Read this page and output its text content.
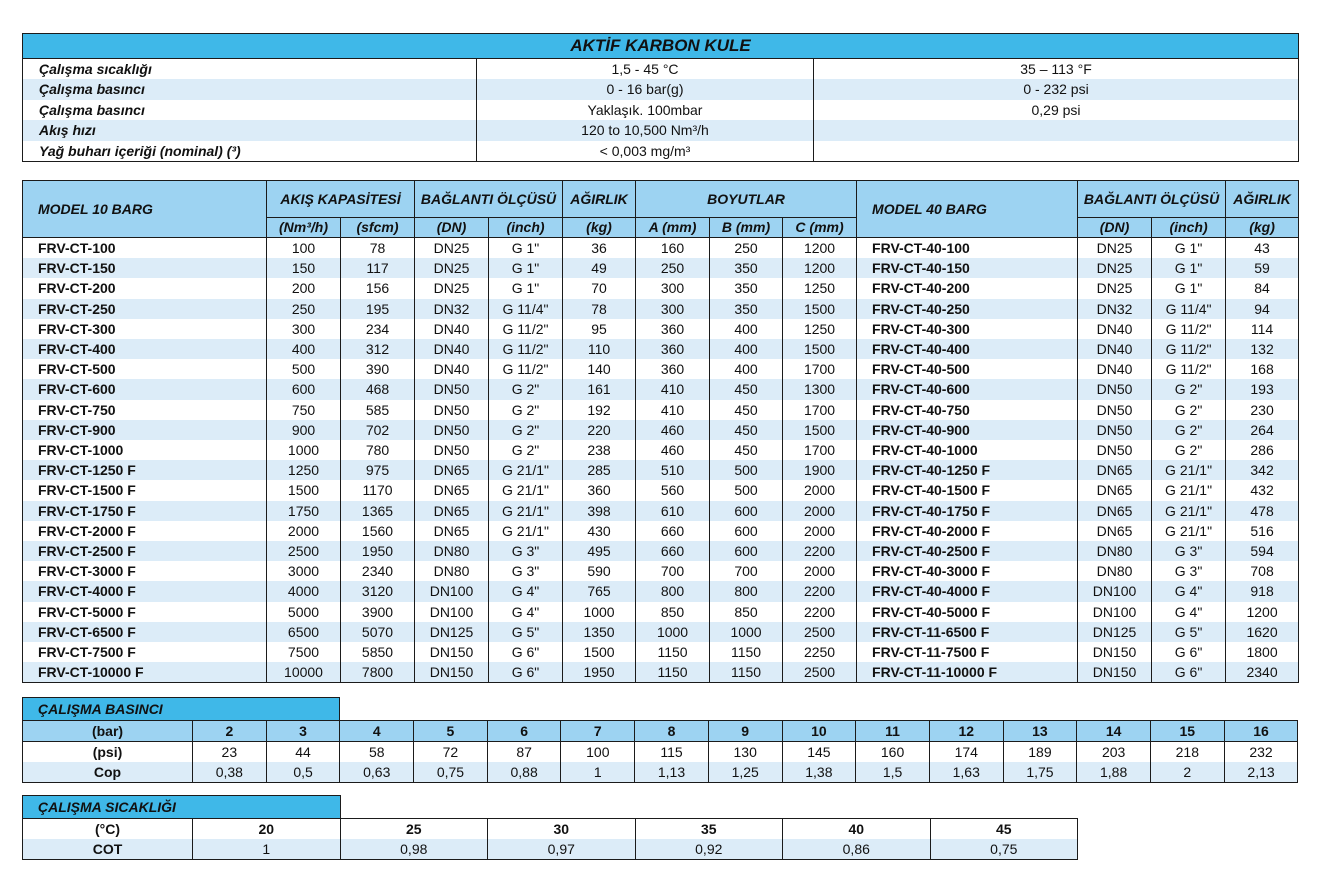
AKTİF KARBON KULE		
Çalışma sıcaklığı	1,5 - 45 °C	35 – 113 °F
Çalışma basıncı	0 - 16 bar(g)	0 - 232 psi
Çalışma basıncı	Yaklaşık. 100mbar	0,29 psi
Akış hızı	120 to 10,500 Nm³/h	
Yağ buharı içeriği (nominal) (³)	< 0,003 mg/m³	
MODEL 10 BARG	AKIŞ KAPASİTESİ		BAĞLANTI ÖLÇÜSÜ		AĞIRLIK	BOYUTLAR			MODEL 40 BARG	BAĞLANTI ÖLÇÜSÜ		AĞIRLIK
	(Nm³/h)	(sfcm)	(DN)	(inch)	(kg)	A (mm)	B (mm)	C (mm)		(DN)	(inch)	(kg)
FRV-CT-100	100	78	DN25	G 1"	36	160	250	1200	FRV-CT-40-100	DN25	G 1"	43
FRV-CT-150	150	117	DN25	G 1"	49	250	350	1200	FRV-CT-40-150	DN25	G 1"	59
FRV-CT-200	200	156	DN25	G 1"	70	300	350	1250	FRV-CT-40-200	DN25	G 1"	84
FRV-CT-250	250	195	DN32	G 11/4"	78	300	350	1500	FRV-CT-40-250	DN32	G 11/4"	94
FRV-CT-300	300	234	DN40	G 11/2"	95	360	400	1250	FRV-CT-40-300	DN40	G 11/2"	114
FRV-CT-400	400	312	DN40	G 11/2"	110	360	400	1500	FRV-CT-40-400	DN40	G 11/2"	132
FRV-CT-500	500	390	DN40	G 11/2"	140	360	400	1700	FRV-CT-40-500	DN40	G 11/2"	168
FRV-CT-600	600	468	DN50	G 2"	161	410	450	1300	FRV-CT-40-600	DN50	G 2"	193
FRV-CT-750	750	585	DN50	G 2"	192	410	450	1700	FRV-CT-40-750	DN50	G 2"	230
FRV-CT-900	900	702	DN50	G 2"	220	460	450	1500	FRV-CT-40-900	DN50	G 2"	264
FRV-CT-1000	1000	780	DN50	G 2"	238	460	450	1700	FRV-CT-40-1000	DN50	G 2"	286
FRV-CT-1250 F	1250	975	DN65	G 21/1"	285	510	500	1900	FRV-CT-40-1250 F	DN65	G 21/1"	342
FRV-CT-1500 F	1500	1170	DN65	G 21/1"	360	560	500	2000	FRV-CT-40-1500 F	DN65	G 21/1"	432
FRV-CT-1750 F	1750	1365	DN65	G 21/1"	398	610	600	2000	FRV-CT-40-1750 F	DN65	G 21/1"	478
FRV-CT-2000 F	2000	1560	DN65	G 21/1"	430	660	600	2000	FRV-CT-40-2000 F	DN65	G 21/1"	516
FRV-CT-2500 F	2500	1950	DN80	G 3"	495	660	600	2200	FRV-CT-40-2500 F	DN80	G 3"	594
FRV-CT-3000 F	3000	2340	DN80	G 3"	590	700	700	2000	FRV-CT-40-3000 F	DN80	G 3"	708
FRV-CT-4000 F	4000	3120	DN100	G 4"	765	800	800	2200	FRV-CT-40-4000 F	DN100	G 4"	918
FRV-CT-5000 F	5000	3900	DN100	G 4"	1000	850	850	2200	FRV-CT-40-5000 F	DN100	G 4"	1200
FRV-CT-6500 F	6500	5070	DN125	G 5"	1350	1000	1000	2500	FRV-CT-11-6500 F	DN125	G 5"	1620
FRV-CT-7500 F	7500	5850	DN150	G 6"	1500	1150	1150	2250	FRV-CT-11-7500 F	DN150	G 6"	1800
FRV-CT-10000 F	10000	7800	DN150	G 6"	1950	1150	1150	2500	FRV-CT-11-10000 F	DN150	G 6"	2340
ÇALIŞMA BASINCI															
(bar)	2	3	4	5	6	7	8	9	10	11	12	13	14	15	16
(psi)	23	44	58	72	87	100	115	130	145	160	174	189	203	218	232
Cop	0,38	0,5	0,63	0,75	0,88	1	1,13	1,25	1,38	1,5	1,63	1,75	1,88	2	2,13
ÇALIŞMA SICAKLIĞI						
(°C)	20	25	30	35	40	45
COT	1	0,98	0,97	0,92	0,86	0,75
